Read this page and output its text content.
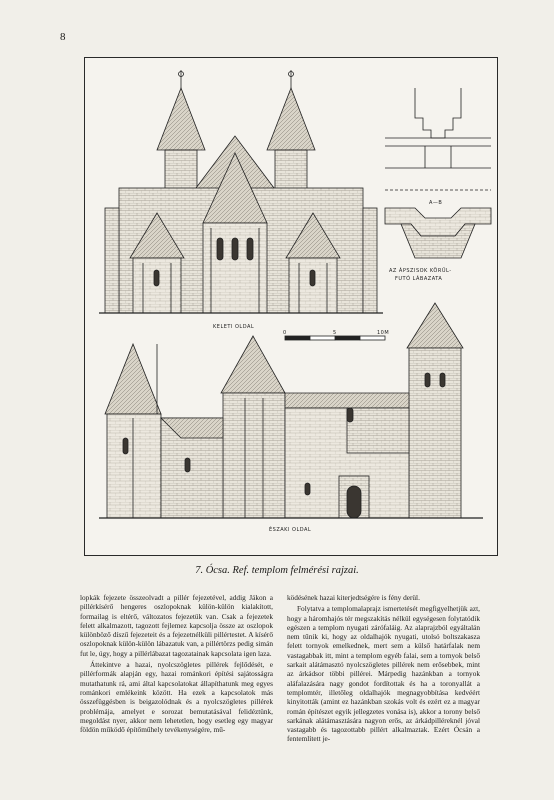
8
KELETI OLDAL
A—B
AZ ÁPSZISOK KÖRÜL-
FUTÓ LÁBAZATA
0	5	10M
ÉSZAKI OLDAL
7. Ócsa. Ref. templom felmérési rajzai.

lopkák fejezete összeolvadt a pillér fejezetével, addig Jákon a pillérkísérő hengeres oszlopoknak külön-külön kialakított, formailag is eltérő, változatos fejezetük van. Csak a fejezetek felett alkalmazott, tagozott fejlemez kapcsolja össze az oszlopok különböző díszű fejezeteit és a fejezetnélküli pillértestet. A kísérő oszlopoknak külön-külön lábazatuk van, a pillértörzs pedig simán fut le, úgy, hogy a pillérlábazat tagozatainak kapcsolata igen laza.

Áttekintve a hazai, nyolcszögletes pillérek fejlődését, e pillérformák alapján egy, hazai románkori építési sajátosságra mutathatunk rá, ami által kapcsolatokat állapíthatunk meg egyes románkori emlékeink között. Ha ezek a kapcsolatok más összefüggésben is beigazolódnak és a nyolcszögletes pillérek problémája, amelyet e sorozat bemutatásával felidéztünk, megoldást nyer, akkor nem lehetetlen, hogy esetleg egy magyar földön működő építőműhely tevékenységére, mű-

ködésének hazai kiterjedtségére is fény derül.

Folytatva a templomalaprajz ismertetését megfigyelhetjük azt, hogy a háromhajós tér megszakítás nélkül egységesen folytatódik egészen a templom nyugati zárófaláig. Az alaprajzból egyáltalán nem tűnik ki, hogy az oldalhajók nyugati, utolsó boltszakasza felett tornyok emelkednek, mert sem a külső határfalak nem vastagabbak itt, mint a templom egyéb falai, sem a tornyok belső sarkait alátámasztó nyolcszögletes pillérek nem erősebbek, mint az árkádsor többi pillérei. Márpedig hazánkban a tornyok aláfalazására nagy gondot fordítottak és ha a toronyallát a templomtér, illetőleg oldalhajók megnagyobbítása kedvéért kinyitották (amint ez hazánkban szokás volt és ezért ez a magyar román építészet egyik jellegzetes vonása is), akkor a torony belső sarkának alátámasztására nagyon erős, az árkádpilléreknél jóval vastagabb és tagozottabb pillért alkalmaztak. Ezért Ócsán a fentemlített je-
